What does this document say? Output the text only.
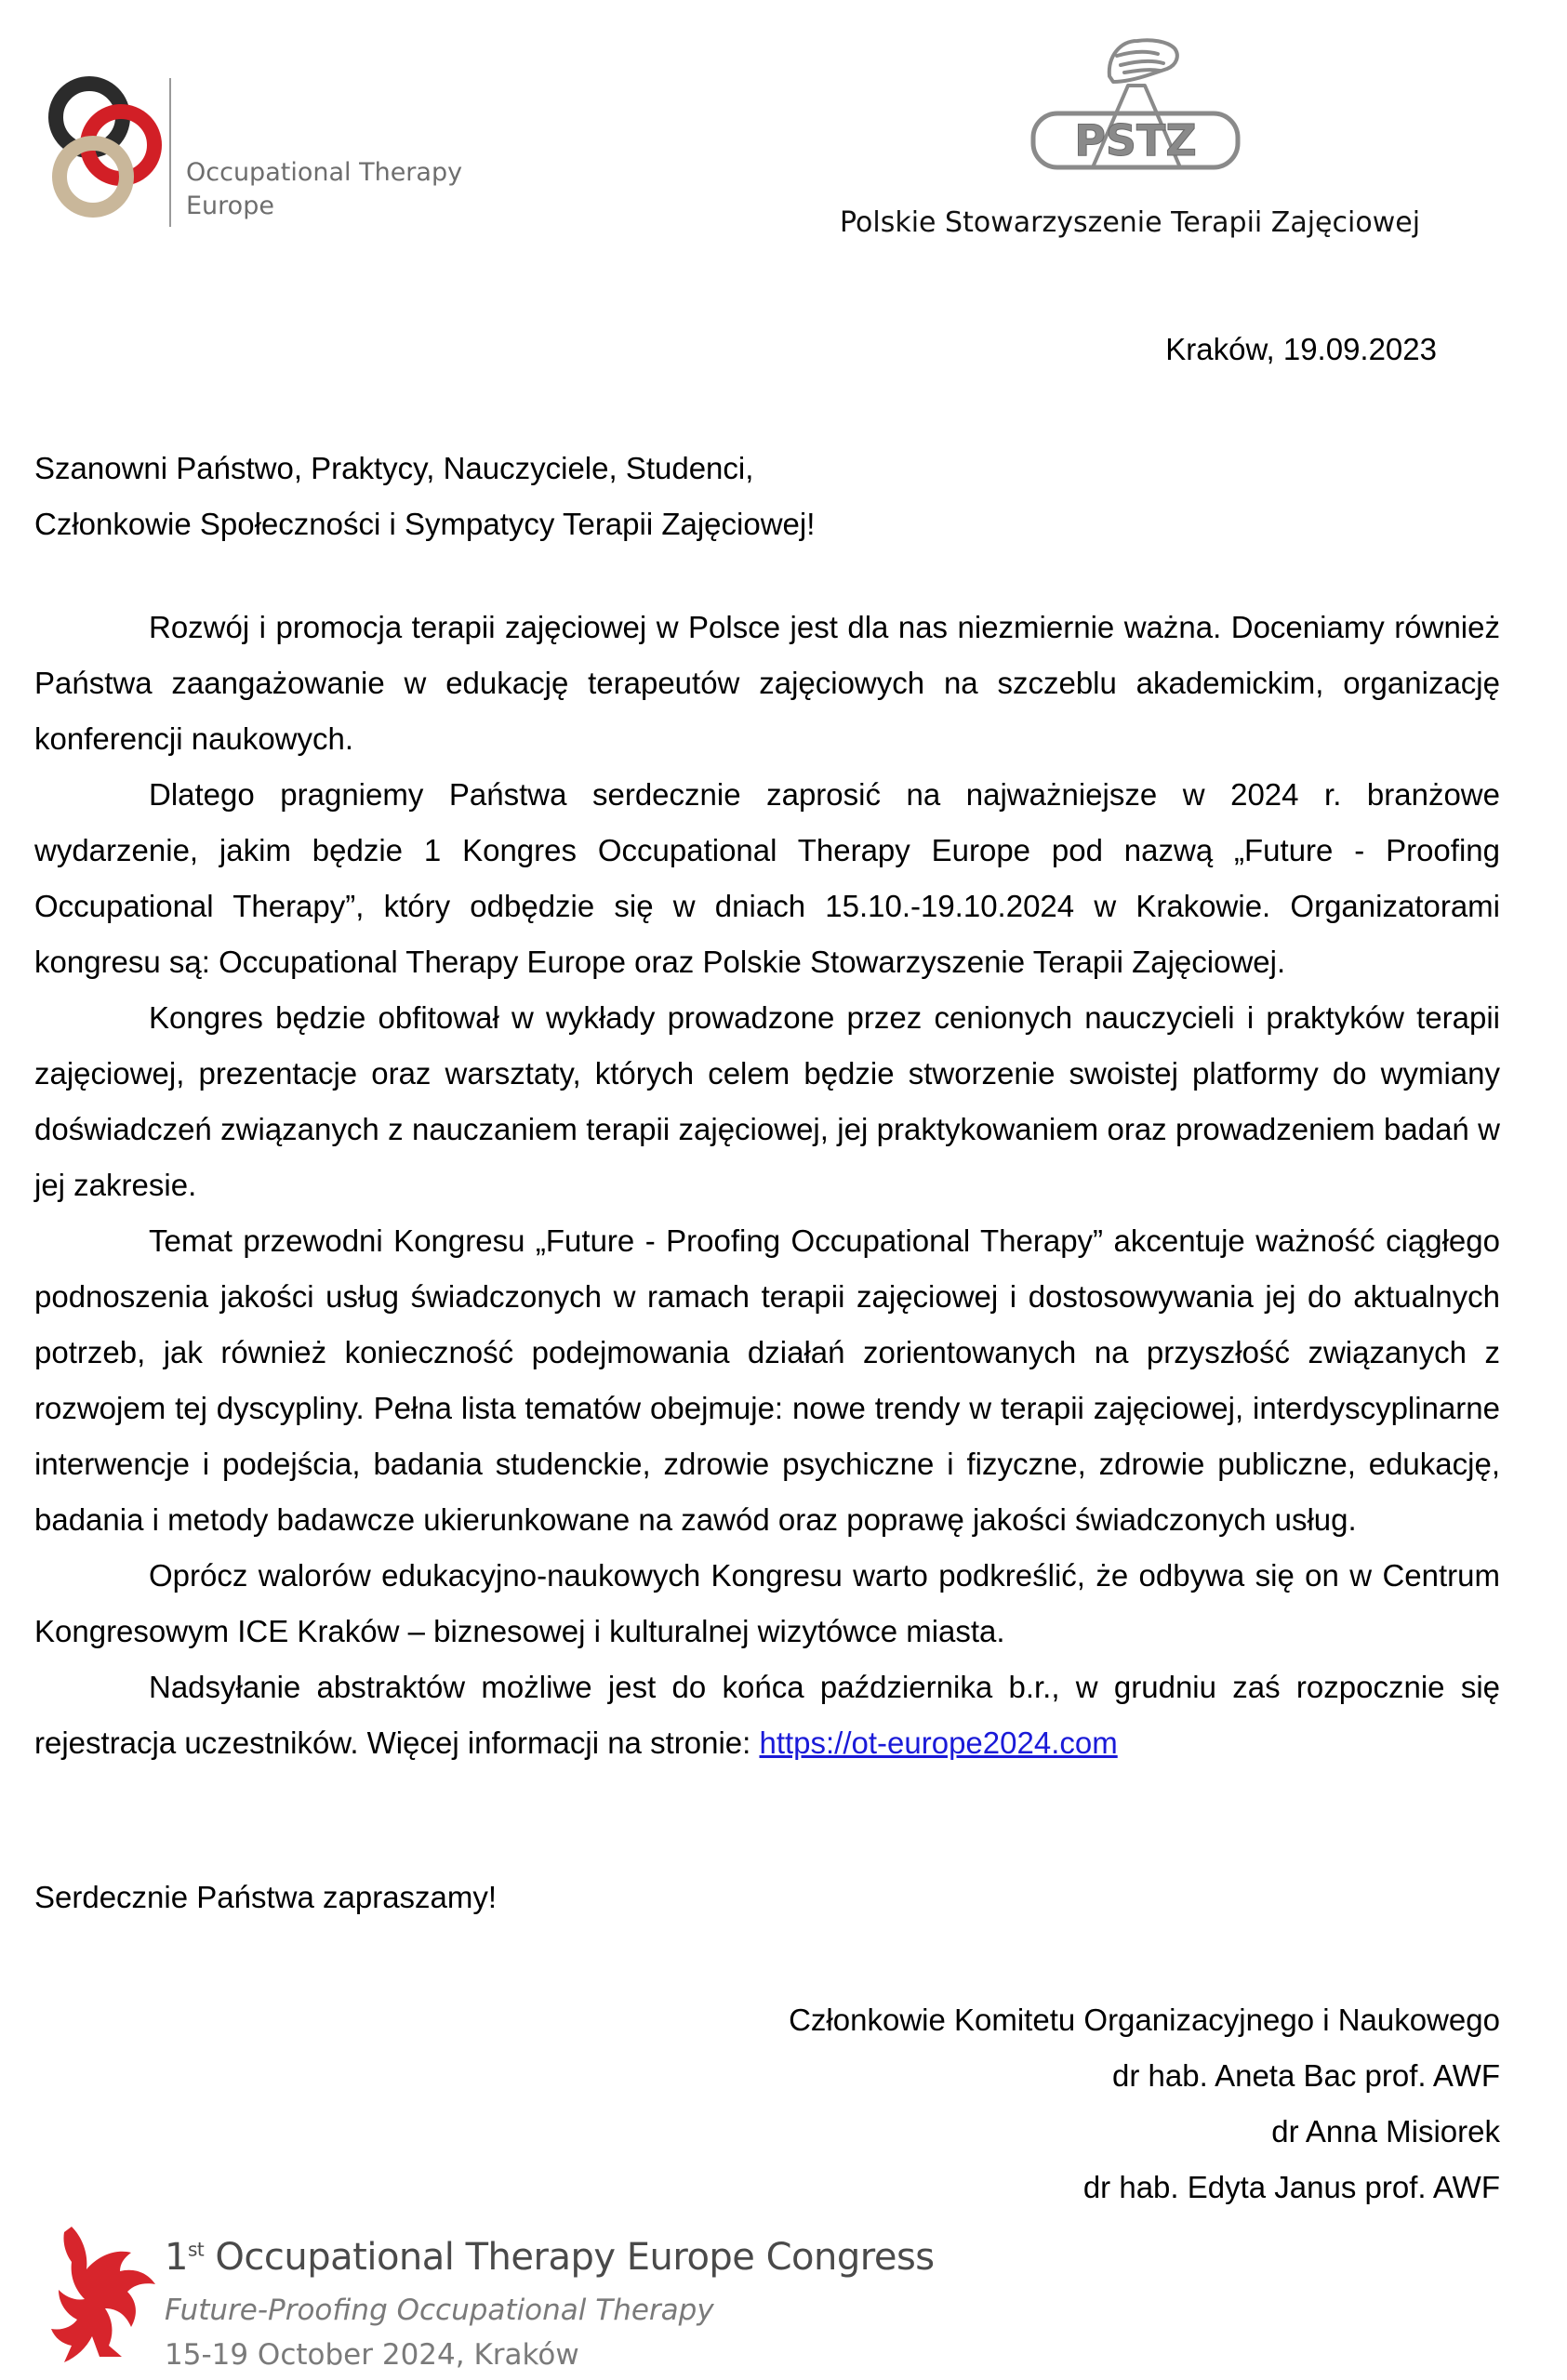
Occupational Therapy
Europe
PSTZ
Polskie Stowarzyszenie Terapii Zajęciowej
Kraków, 19.09.2023
Szanowni Państwo, Praktycy, Nauczyciele, Studenci,
Członkowie Społeczności i Sympatycy Terapii Zajęciowej!

Rozwój i promocja terapii zajęciowej w Polsce jest dla nas niezmiernie ważna. Doceniamy również Państwa zaangażowanie w edukację terapeutów zajęciowych na szczeblu akademickim, organizację konferencji naukowych.

Dlatego pragniemy Państwa serdecznie zaprosić na najważniejsze w 2024 r. branżowe wydarzenie, jakim będzie 1 Kongres Occupational Therapy Europe pod nazwą „Future - Proofing Occupational Therapy”, który odbędzie się w dniach 15.10.-19.10.2024 w Krakowie. Organizatorami kongresu są: Occupational Therapy Europe oraz Polskie Stowarzyszenie Terapii Zajęciowej.

Kongres będzie obfitował w wykłady prowadzone przez cenionych nauczycieli i praktyków terapii zajęciowej, prezentacje oraz warsztaty, których celem będzie stworzenie swoistej platformy do wymiany doświadczeń związanych z nauczaniem terapii zajęciowej, jej praktykowaniem oraz prowadzeniem badań w jej zakresie.

Temat przewodni Kongresu „Future - Proofing Occupational Therapy” akcentuje ważność ciągłego podnoszenia jakości usług świadczonych w ramach terapii zajęciowej i dostosowywania jej do aktualnych potrzeb, jak również konieczność podejmowania działań zorientowanych na przyszłość związanych z rozwojem tej dyscypliny. Pełna lista tematów obejmuje: nowe trendy w terapii zajęciowej, interdyscyplinarne interwencje i podejścia, badania studenckie, zdrowie psychiczne i fizyczne, zdrowie publiczne, edukację, badania i metody badawcze ukierunkowane na zawód oraz poprawę jakości świadczonych usług.

Oprócz walorów edukacyjno-naukowych Kongresu warto podkreślić, że odbywa się on w Centrum Kongresowym ICE Kraków – biznesowej i kulturalnej wizytówce miasta.

Nadsyłanie abstraktów możliwe jest do końca października b.r., w grudniu zaś rozpocznie się rejestracja uczestników. Więcej informacji na stronie: https://ot-europe2024.com

Serdecznie Państwa zapraszamy!
Członkowie Komitetu Organizacyjnego i Naukowego
dr hab. Aneta Bac prof. AWF
dr Anna Misiorek
dr hab. Edyta Janus prof. AWF
1st Occupational Therapy Europe Congress
Future-Proofing Occupational Therapy
15-19 October 2024, Kraków
